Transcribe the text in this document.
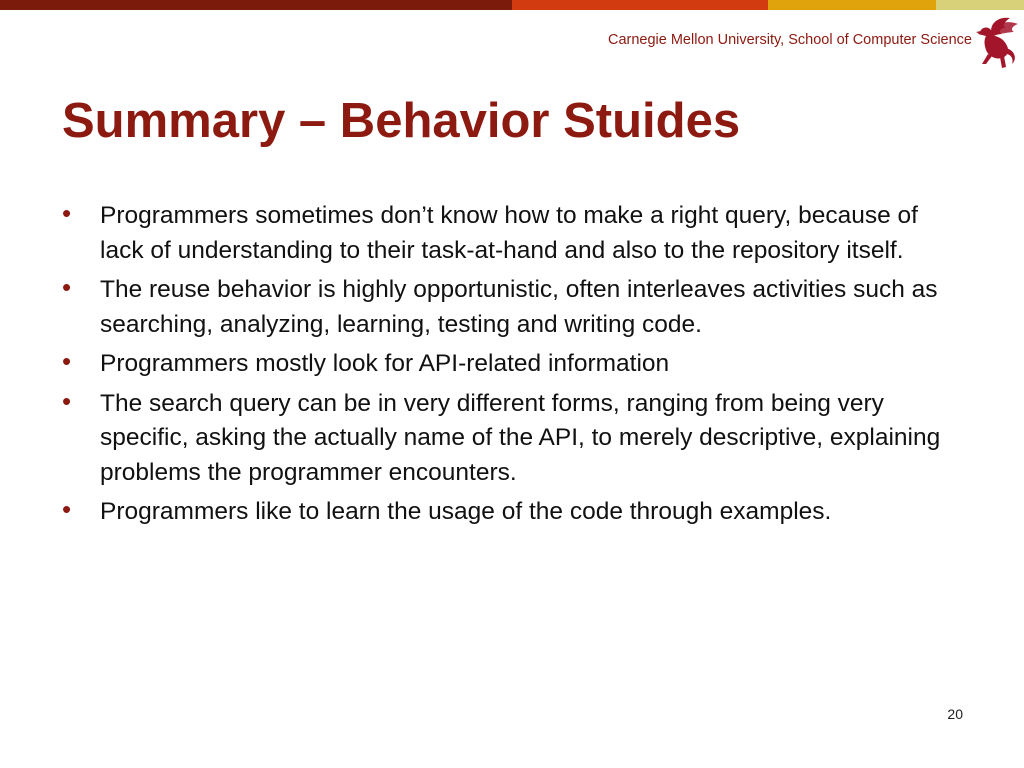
Carnegie Mellon University, School of Computer Science
Summary – Behavior Stuides
• Programmers sometimes don’t know how to make a right query, because of lack of understanding to their task-at-hand and also to the repository itself.
• The reuse behavior is highly opportunistic, often interleaves activities such as searching, analyzing, learning, testing and writing code.
• Programmers mostly look for API-related information
• The search query can be in very different forms, ranging from being very specific, asking the actually name of the API, to merely descriptive, explaining problems the programmer encounters.
• Programmers like to learn the usage of the code through examples.
20
